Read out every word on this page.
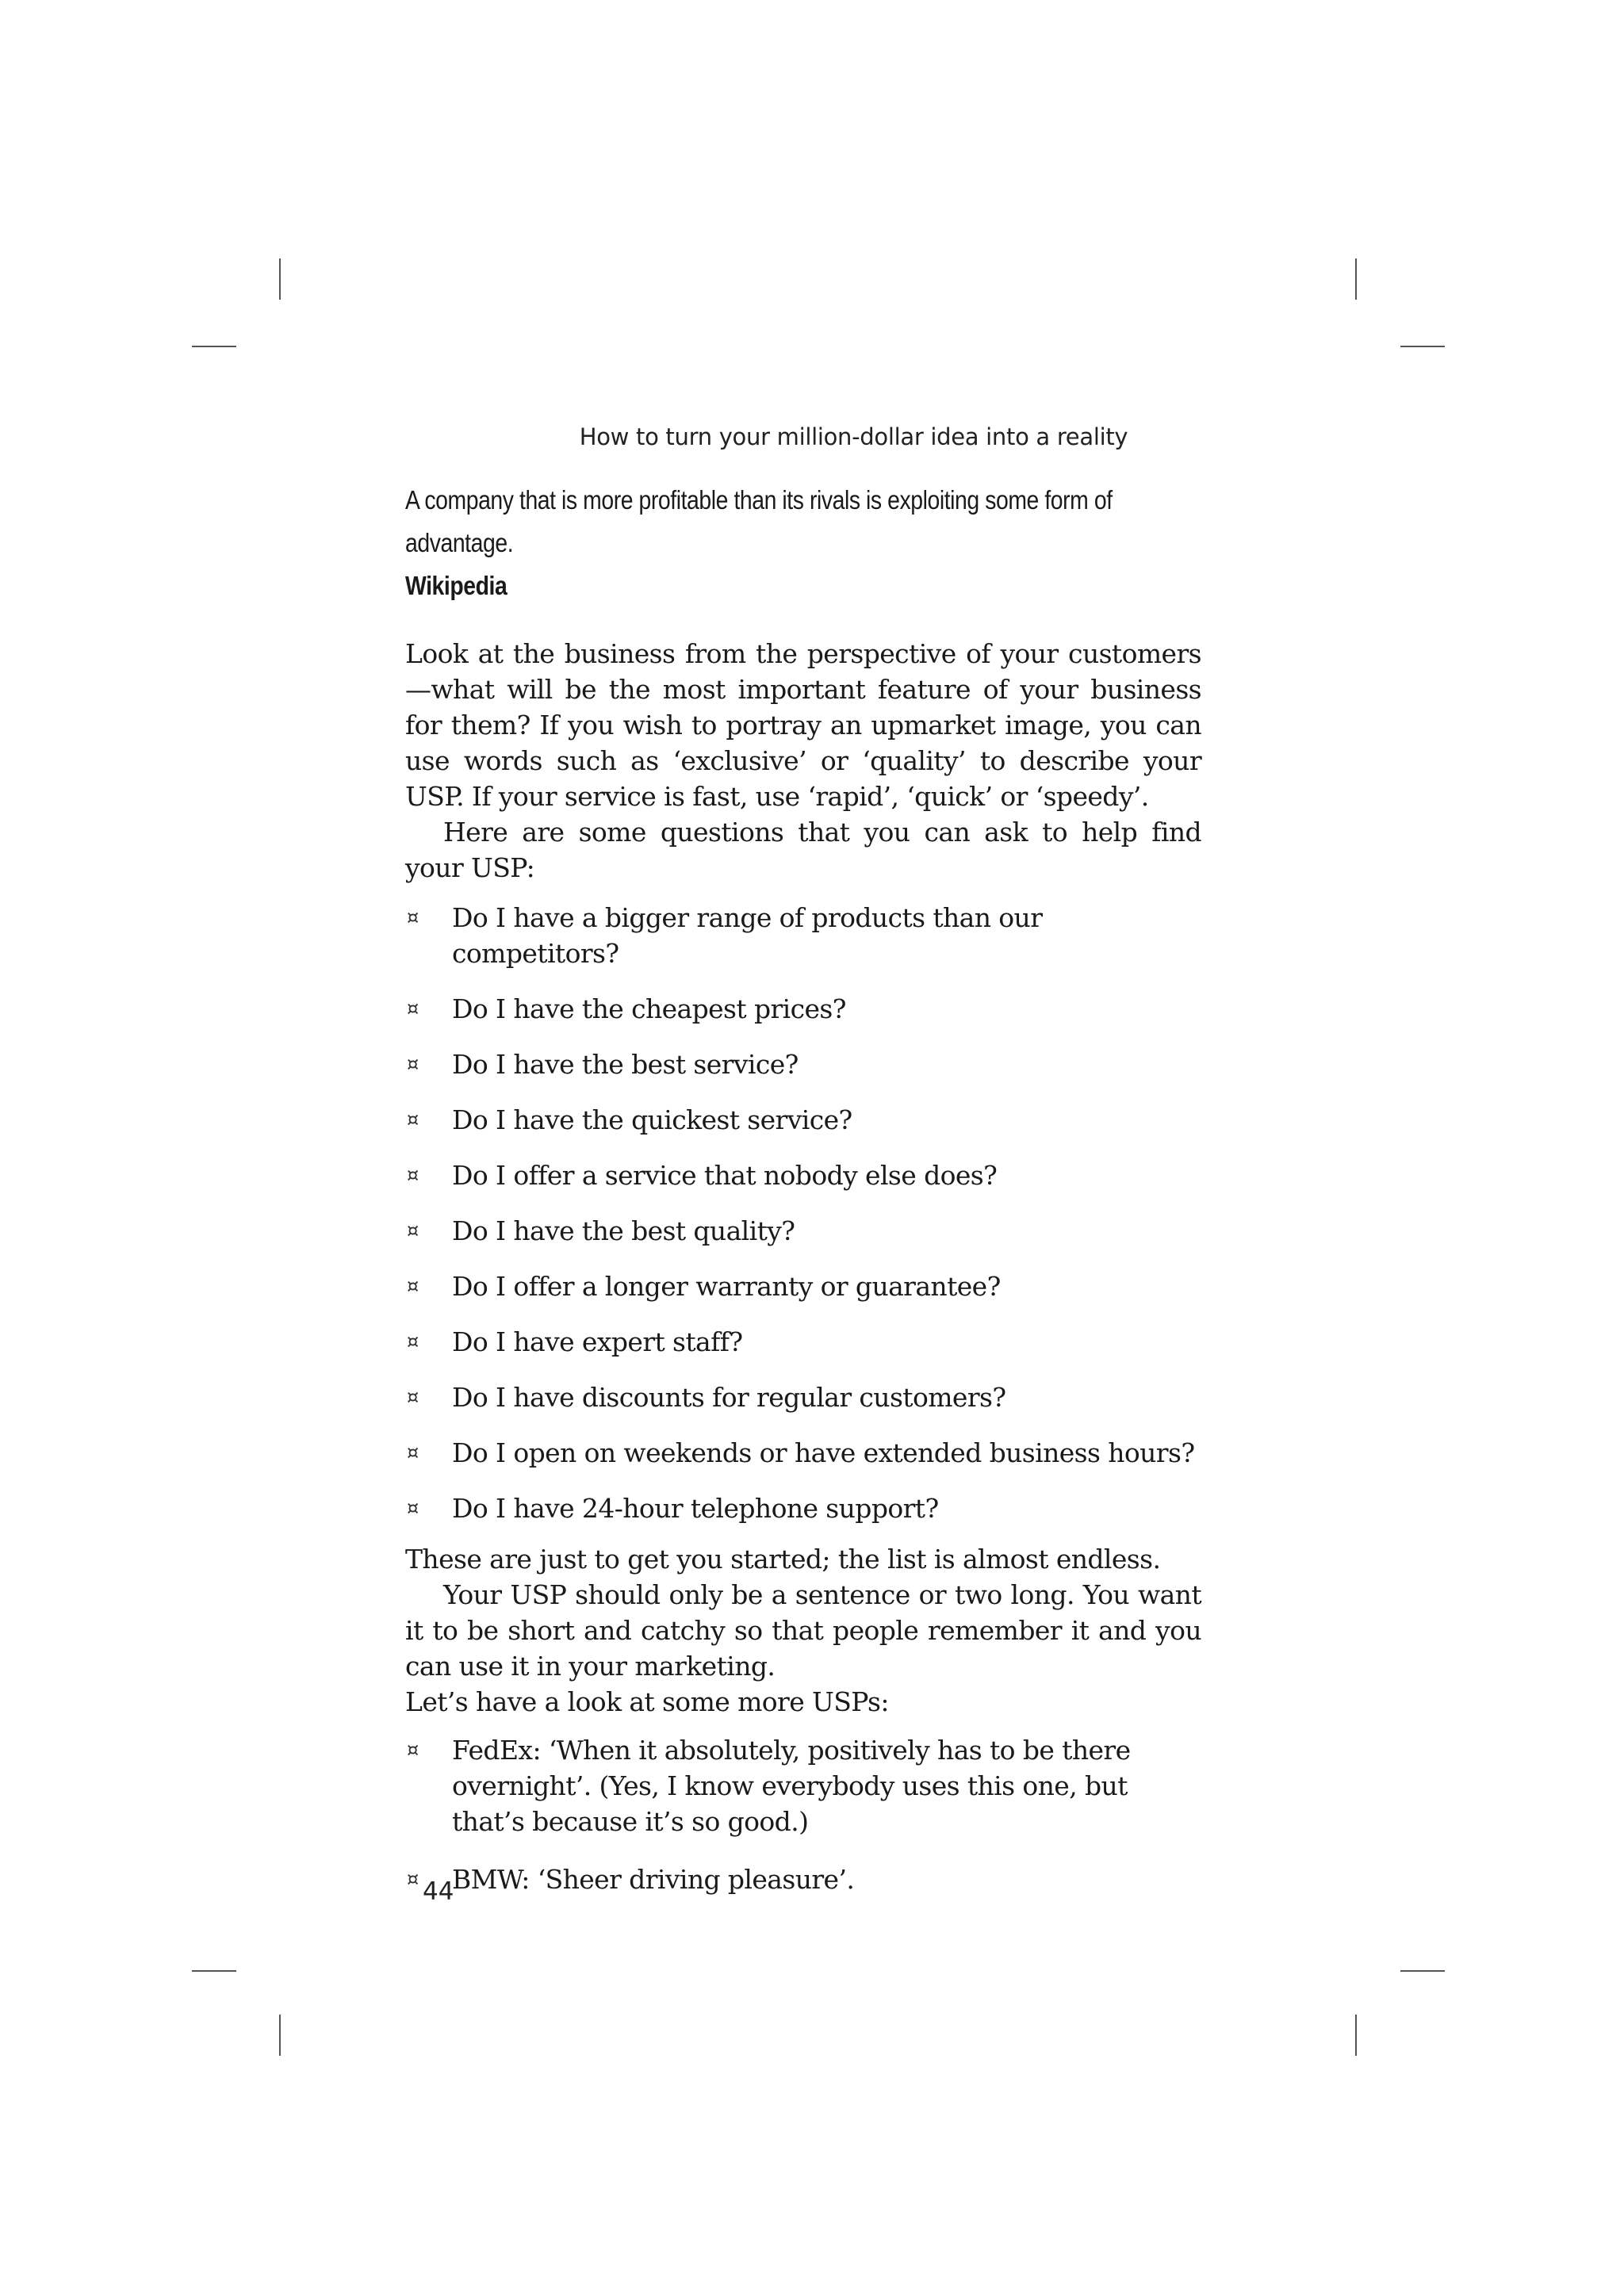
How to turn your million-dollar idea into a reality
A company that is more profitable than its rivals is exploiting some form of advantage.
Wikipedia

Look at the business from the perspective of your customers—what will be the most important feature of your business for them? If you wish to portray an upmarket image, you can use words such as ‘exclusive’ or ‘quality’ to describe your USP. If your service is fast, use ‘rapid’, ‘quick’ or ‘speedy’.

Here are some questions that you can ask to help find your USP:

¤ Do I have a bigger range of products than our competitors?
¤ Do I have the cheapest prices?
¤ Do I have the best service?
¤ Do I have the quickest service?
¤ Do I offer a service that nobody else does?
¤ Do I have the best quality?
¤ Do I offer a longer warranty or guarantee?
¤ Do I have expert staff?
¤ Do I have discounts for regular customers?
¤ Do I open on weekends or have extended business hours?
¤ Do I have 24-hour telephone support?

These are just to get you started; the list is almost endless.

Your USP should only be a sentence or two long. You want it to be short and catchy so that people remember it and you can use it in your marketing.

Let’s have a look at some more USPs:

¤ FedEx: ‘When it absolutely, positively has to be there overnight’. (Yes, I know everybody uses this one, but that’s because it’s so good.)
¤ BMW: ‘Sheer driving pleasure’.
44
